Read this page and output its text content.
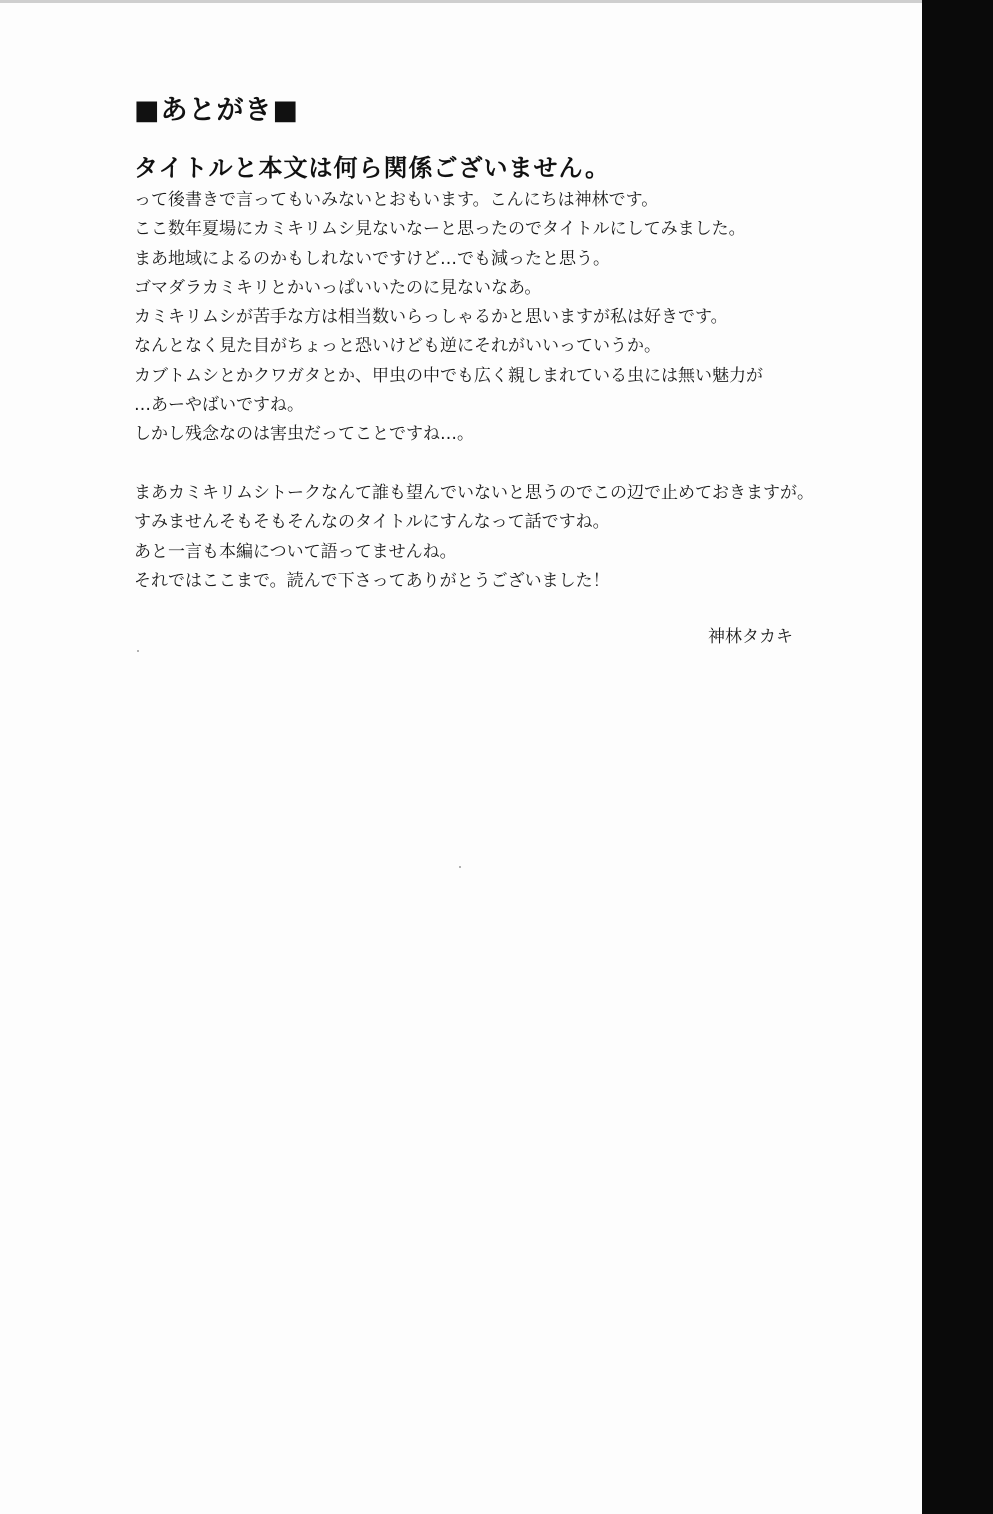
■あとがき■
タイトルと本文は何ら関係ございません。
って後書きで言ってもいみないとおもいます。こんにちは神林です。
ここ数年夏場にカミキリムシ見ないなーと思ったのでタイトルにしてみました。
まあ地域によるのかもしれないですけど…でも減ったと思う。
ゴマダラカミキリとかいっぱいいたのに見ないなあ。
カミキリムシが苦手な方は相当数いらっしゃるかと思いますが私は好きです。
なんとなく見た目がちょっと恐いけども逆にそれがいいっていうか。
カブトムシとかクワガタとか、甲虫の中でも広く親しまれている虫には無い魅力が
…あーやばいですね。
しかし残念なのは害虫だってことですね…。
まあカミキリムシトークなんて誰も望んでいないと思うのでこの辺で止めておきますが。
すみませんそもそもそんなのタイトルにすんなって話ですね。
あと一言も本編について語ってませんね。
それではここまで。読んで下さってありがとうございました！
神林タカキ
